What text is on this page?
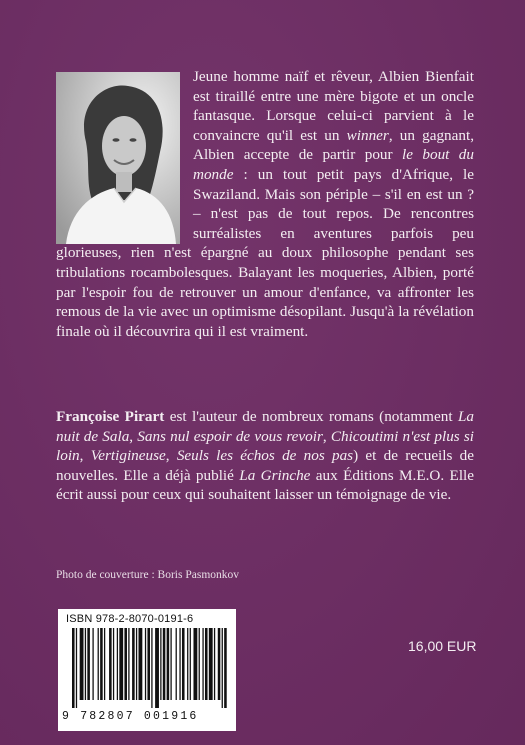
Jeune homme naïf et rêveur, Albien Bienfait est tiraillé entre une mère bigote et un oncle fantasque. Lorsque celui-ci parvient à le convaincre qu'il est un winner, un gagnant, Albien accepte de partir pour le bout du monde : un tout petit pays d'Afrique, le Swaziland. Mais son périple – s'il en est un ? – n'est pas de tout repos. De rencontres surréalistes en aventures parfois peu glorieuses, rien n'est épargné au doux philosophe pendant ses tribulations rocambolesques. Balayant les moqueries, Albien, porté par l'espoir fou de retrouver un amour d'enfance, va affronter les remous de la vie avec un optimisme désopilant. Jusqu'à la révélation finale où il découvrira qui il est vraiment.

Françoise Pirart est l'auteur de nombreux romans (notamment La nuit de Sala, Sans nul espoir de vous revoir, Chicoutimi n'est plus si loin, Vertigineuse, Seuls les échos de nos pas) et de recueils de nouvelles. Elle a déjà publié La Grinche aux Éditions M.E.O. Elle écrit aussi pour ceux qui souhaitent laisser un témoignage de vie.

Photo de couverture : Boris Pasmonkov
ISBN 978-2-8070-0191-6
9 782807 001916
16,00 EUR
